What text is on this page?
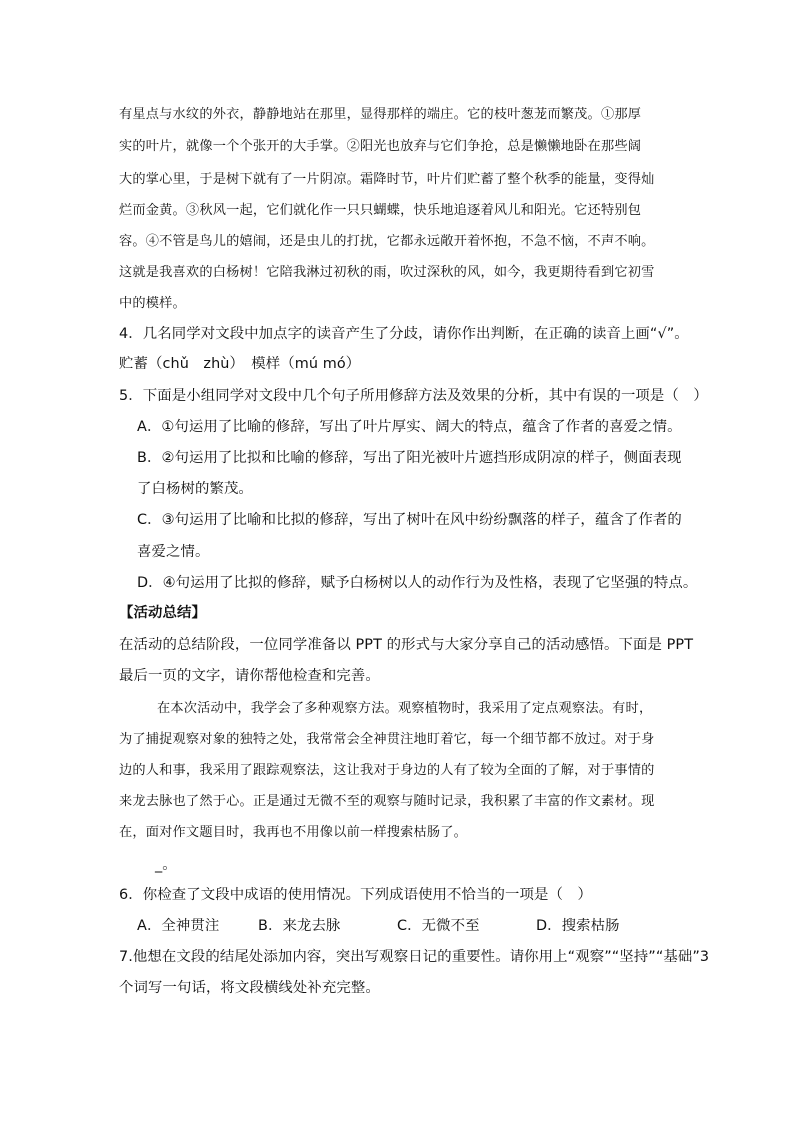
有星点与水纹的外衣，静静地站在那里，显得那样的端庄。它的枝叶葱茏而繁茂。①那厚
实的叶片，就像一个个张开的大手掌。②阳光也放弃与它们争抢，总是懒懒地卧在那些阔
大的掌心里，于是树下就有了一片阴凉。霜降时节，叶片们贮蓄了整个秋季的能量，变得灿
烂而金黄。③秋风一起，它们就化作一只只蝴蝶，快乐地追逐着风儿和阳光。它还特别包
容。④不管是鸟儿的嬉闹，还是虫儿的打扰，它都永远敞开着怀抱，不急不恼，不声不响。
这就是我喜欢的白杨树！它陪我淋过初秋的雨，吹过深秋的风，如今，我更期待看到它初雪
中的模样。
4．几名同学对文段中加点字的读音产生了分歧，请你作出判断，在正确的读音上画“√”。
贮蓄（chǔ　zhù）　模样（mú mó）
5．下面是小组同学对文段中几个句子所用修辞方法及效果的分析，其中有误的一项是（　）
A．①句运用了比喻的修辞，写出了叶片厚实、阔大的特点，蕴含了作者的喜爱之情。
B．②句运用了比拟和比喻的修辞，写出了阳光被叶片遮挡形成阴凉的样子，侧面表现
了白杨树的繁茂。
C．③句运用了比喻和比拟的修辞，写出了树叶在风中纷纷飘落的样子，蕴含了作者的
喜爱之情。
D．④句运用了比拟的修辞，赋予白杨树以人的动作行为及性格，表现了它坚强的特点。
【活动总结】
在活动的总结阶段，一位同学准备以 PPT 的形式与大家分享自己的活动感悟。下面是 PPT
最后一页的文字，请你帮他检查和完善。
在本次活动中，我学会了多种观察方法。观察植物时，我采用了定点观察法。有时，
为了捕捉观察对象的独特之处，我常常会全神贯注地盯着它，每一个细节都不放过。对于身
边的人和事，我采用了跟踪观察法，这让我对于身边的人有了较为全面的了解，对于事情的
来龙去脉也了然于心。正是通过无微不至的观察与随时记录，我积累了丰富的作文素材。现
在，面对作文题目时，我再也不用像以前一样搜索枯肠了。
_。
6．你检查了文段中成语的使用情况。下列成语使用不恰当的一项是（　）
A．全神贯注	B．来龙去脉	C．无微不至	D．搜索枯肠
7.他想在文段的结尾处添加内容，突出写观察日记的重要性。请你用上“观察”“坚持”“基础”3
个词写一句话，将文段横线处补充完整。
